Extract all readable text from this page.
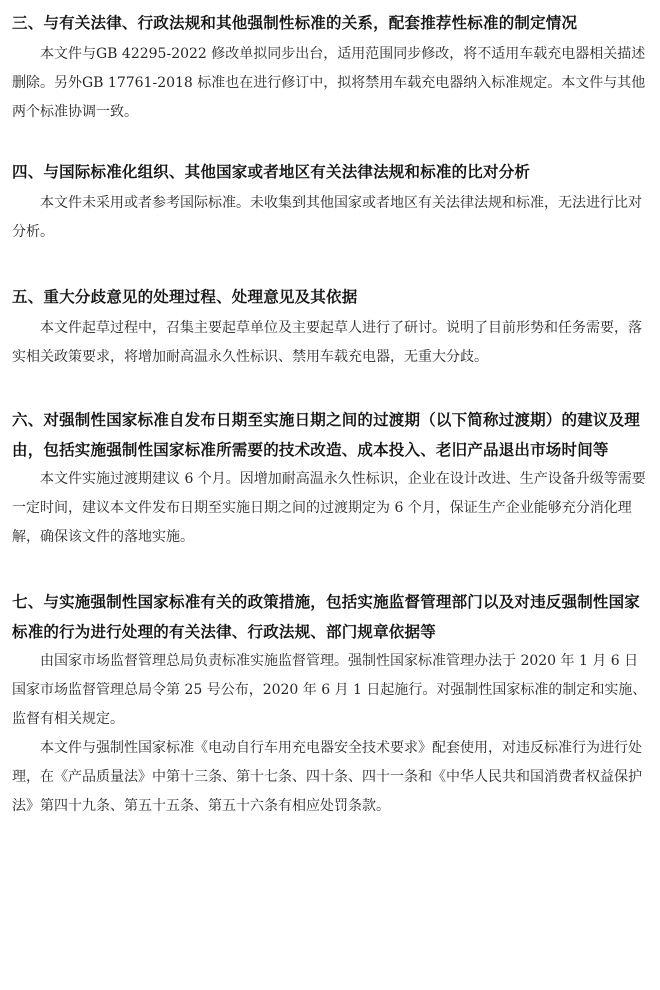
三、与有关法律、行政法规和其他强制性标准的关系，配套推荐性标准的制定情况

本文件与GB 42295-2022 修改单拟同步出台，适用范围同步修改，将不适用车载充电器相关描述删除。另外GB 17761-2018 标准也在进行修订中，拟将禁用车载充电器纳入标准规定。本文件与其他两个标准协调一致。

四、与国际标准化组织、其他国家或者地区有关法律法规和标准的比对分析

本文件未采用或者参考国际标准。未收集到其他国家或者地区有关法律法规和标准，无法进行比对分析。

五、重大分歧意见的处理过程、处理意见及其依据

本文件起草过程中，召集主要起草单位及主要起草人进行了研讨。说明了目前形势和任务需要，落实相关政策要求，将增加耐高温永久性标识、禁用车载充电器，无重大分歧。

六、对强制性国家标准自发布日期至实施日期之间的过渡期（以下简称过渡期）的建议及理由，包括实施强制性国家标准所需要的技术改造、成本投入、老旧产品退出市场时间等

本文件实施过渡期建议 6 个月。因增加耐高温永久性标识，企业在设计改进、生产设备升级等需要一定时间，建议本文件发布日期至实施日期之间的过渡期定为 6 个月，保证生产企业能够充分消化理解，确保该文件的落地实施。

七、与实施强制性国家标准有关的政策措施，包括实施监督管理部门以及对违反强制性国家标准的行为进行处理的有关法律、行政法规、部门规章依据等

由国家市场监督管理总局负责标准实施监督管理。强制性国家标准管理办法于 2020 年 1 月 6 日国家市场监督管理总局令第 25 号公布，2020 年 6 月 1 日起施行。对强制性国家标准的制定和实施、监督有相关规定。

本文件与强制性国家标准《电动自行车用充电器安全技术要求》配套使用，对违反标准行为进行处理，在《产品质量法》中第十三条、第十七条、四十条、四十一条和《中华人民共和国消费者权益保护法》第四十九条、第五十五条、第五十六条有相应处罚条款。
